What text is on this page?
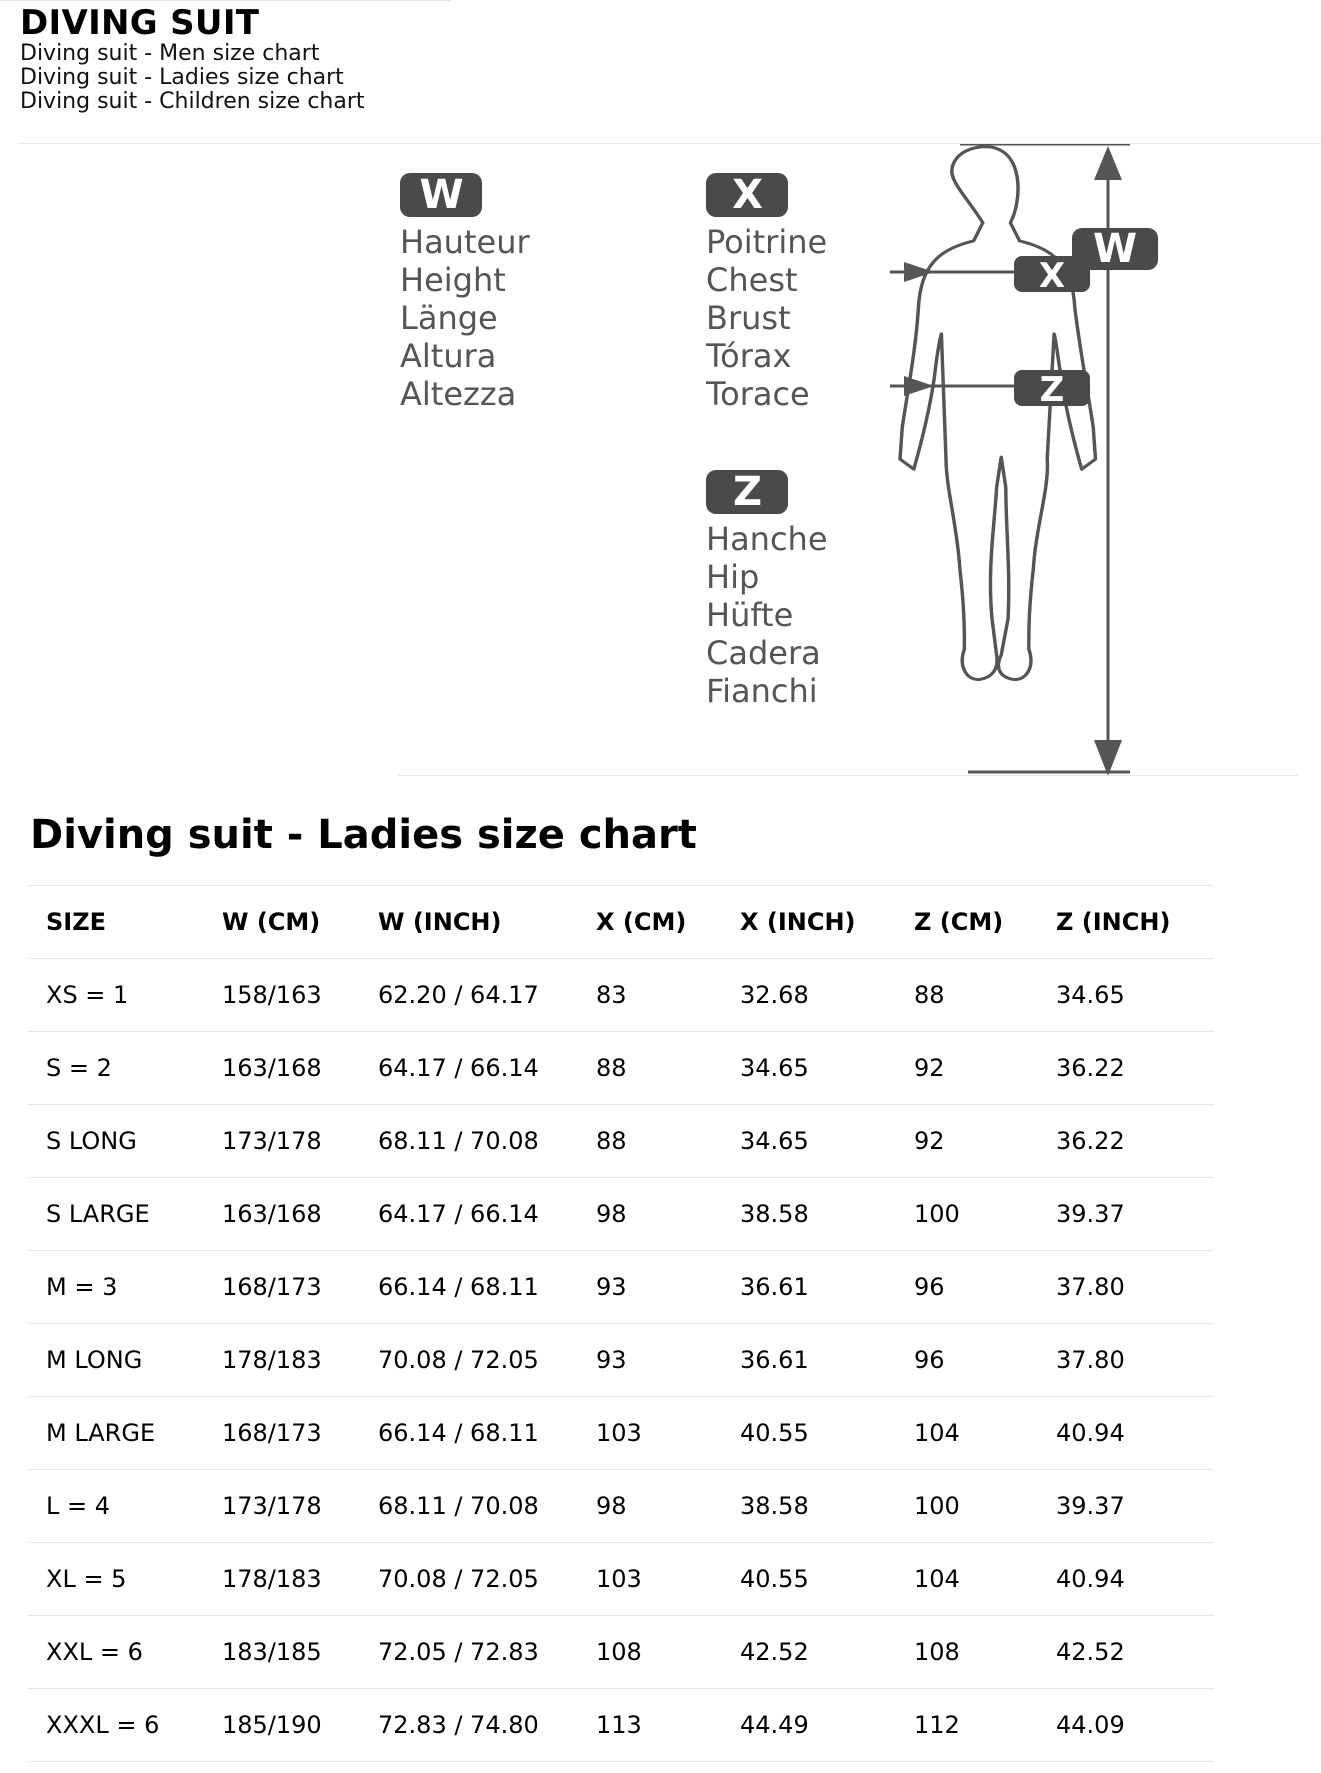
DIVING SUIT
Diving suit - Men size chart
Diving suit - Ladies size chart
Diving suit - Children size chart
W
Hauteur
Height
Länge
Altura
Altezza
X
Poitrine
Chest
Brust
Tórax
Torace
Z
Hanche
Hip
Hüfte
Cadera
Fianchi
W
X
Z
Diving suit - Ladies size chart
SIZE	W (CM)	W (INCH)	X (CM)	X (INCH)	Z (CM)	Z (INCH)
XS = 1	158/163	62.20 / 64.17	83	32.68	88	34.65
S = 2	163/168	64.17 / 66.14	88	34.65	92	36.22
S LONG	173/178	68.11 / 70.08	88	34.65	92	36.22
S LARGE	163/168	64.17 / 66.14	98	38.58	100	39.37
M = 3	168/173	66.14 / 68.11	93	36.61	96	37.80
M LONG	178/183	70.08 / 72.05	93	36.61	96	37.80
M LARGE	168/173	66.14 / 68.11	103	40.55	104	40.94
L = 4	173/178	68.11 / 70.08	98	38.58	100	39.37
XL = 5	178/183	70.08 / 72.05	103	40.55	104	40.94
XXL = 6	183/185	72.05 / 72.83	108	42.52	108	42.52
XXXL = 6	185/190	72.83 / 74.80	113	44.49	112	44.09
